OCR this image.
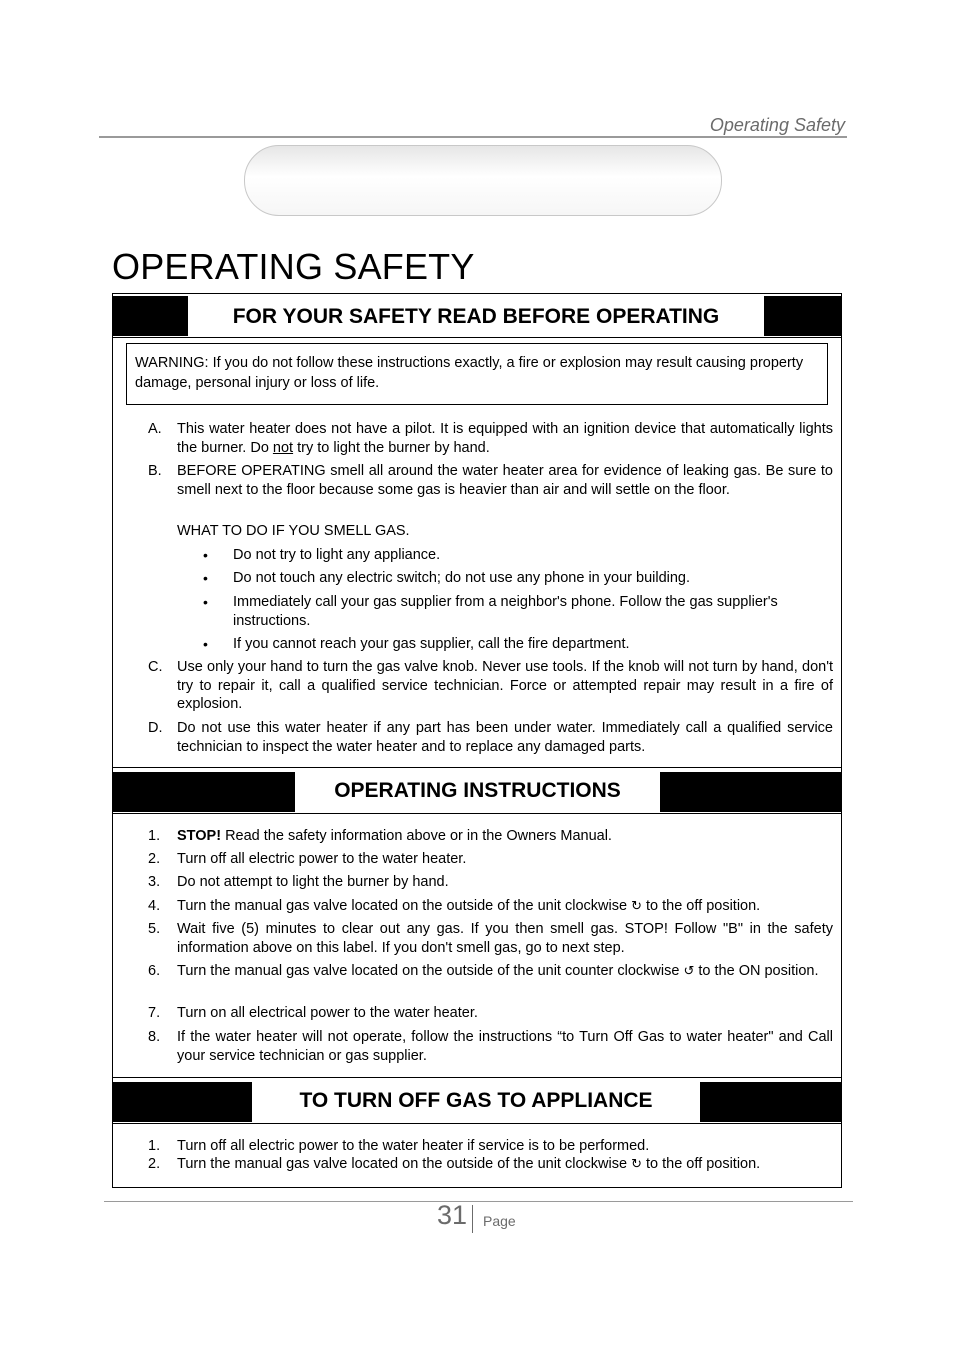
Operating Safety
OPERATING SAFETY
FOR YOUR SAFETY READ BEFORE OPERATING
WARNING: If you do not follow these instructions exactly, a fire or explosion may result causing property damage, personal injury or loss of life.
A. This water heater does not have a pilot. It is equipped with an ignition device that automatically lights the burner. Do not try to light the burner by hand.
B. BEFORE OPERATING smell all around the water heater area for evidence of leaking gas. Be sure to smell next to the floor because some gas is heavier than air and will settle on the floor.
WHAT TO DO IF YOU SMELL GAS.
• Do not try to light any appliance.
• Do not touch any electric switch; do not use any phone in your building.
• Immediately call your gas supplier from a neighbor's phone. Follow the gas supplier's instructions.
• If you cannot reach your gas supplier, call the fire department.
C. Use only your hand to turn the gas valve knob. Never use tools. If the knob will not turn by hand, don't try to repair it, call a qualified service technician. Force or attempted repair may result in a fire of explosion.
D. Do not use this water heater if any part has been under water. Immediately call a qualified service technician to inspect the water heater and to replace any damaged parts.
OPERATING INSTRUCTIONS
1. STOP! Read the safety information above or in the Owners Manual.
2. Turn off all electric power to the water heater.
3. Do not attempt to light the burner by hand.
4. Turn the manual gas valve located on the outside of the unit clockwise ↻ to the off position.
5. Wait five (5) minutes to clear out any gas. If you then smell gas. STOP! Follow "B" in the safety information above on this label. If you don't smell gas, go to next step.
6. Turn the manual gas valve located on the outside of the unit counter clockwise ↺ to the ON position.
7. Turn on all electrical power to the water heater.
8. If the water heater will not operate, follow the instructions “to Turn Off Gas to water heater" and Call your service technician or gas supplier.
TO TURN OFF GAS TO APPLIANCE
1. Turn off all electric power to the water heater if service is to be performed.
2. Turn the manual gas valve located on the outside of the unit clockwise ↻ to the off position.
31 Page
